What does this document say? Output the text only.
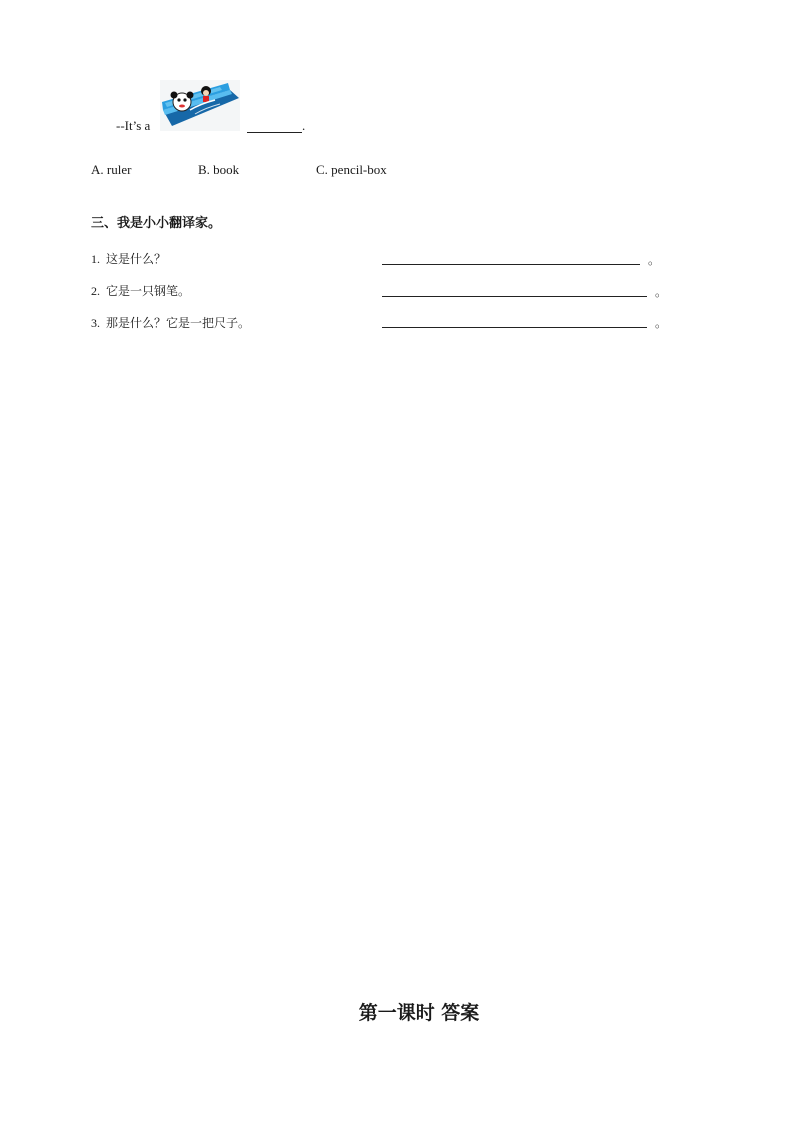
--It’s a	.
A. ruler	B. book	C. pencil-box
三、我是小小翻译家。
1. 这是什么？	。
2. 它是一只钢笔。	。
3. 那是什么？它是一把尺子。	。
第一课时 答案
